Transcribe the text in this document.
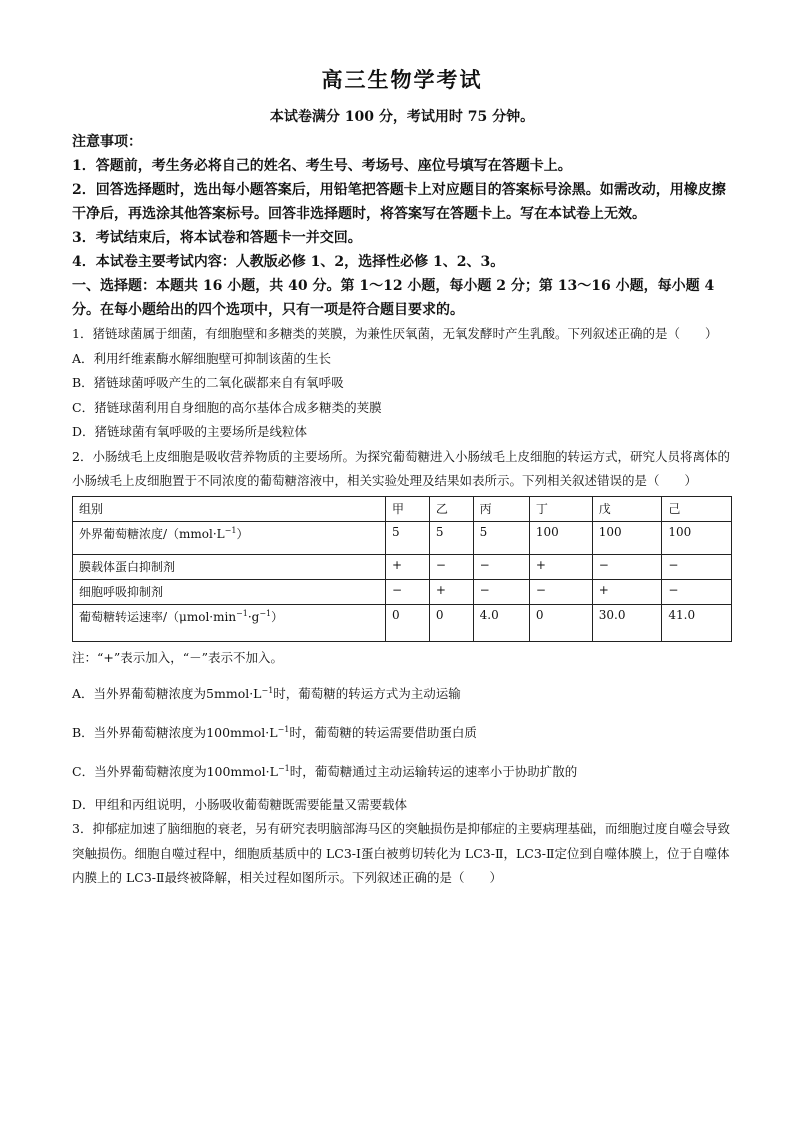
高三生物学考试
本试卷满分 100 分，考试用时 75 分钟。
注意事项：
1．答题前，考生务必将自己的姓名、考生号、考场号、座位号填写在答题卡上。
2．回答选择题时，选出每小题答案后，用铅笔把答题卡上对应题目的答案标号涂黑。如需改动，用橡皮擦干净后，再选涂其他答案标号。回答非选择题时，将答案写在答题卡上。写在本试卷上无效。
3．考试结束后，将本试卷和答题卡一并交回。
4．本试卷主要考试内容：人教版必修 1、2，选择性必修 1、2、3。
一、选择题：本题共 16 小题，共 40 分。第 1～12 小题，每小题 2 分；第 13～16 小题，每小题 4 分。在每小题给出的四个选项中，只有一项是符合题目要求的。
1．猪链球菌属于细菌，有细胞壁和多糖类的荚膜，为兼性厌氧菌，无氧发酵时产生乳酸。下列叙述正确的是（　　）
A．利用纤维素酶水解细胞壁可抑制该菌的生长
B．猪链球菌呼吸产生的二氧化碳都来自有氧呼吸
C．猪链球菌利用自身细胞的高尔基体合成多糖类的荚膜
D．猪链球菌有氧呼吸的主要场所是线粒体
2．小肠绒毛上皮细胞是吸收营养物质的主要场所。为探究葡萄糖进入小肠绒毛上皮细胞的转运方式，研究人员将离体的小肠绒毛上皮细胞置于不同浓度的葡萄糖溶液中，相关实验处理及结果如表所示。下列相关叙述错误的是（　　）
组别	甲	乙	丙	丁	戊	己
外界葡萄糖浓度$/(mmol\cdot L^{-1})$	5	5	5	100	100	100
膜载体蛋白抑制剂	+	−	−	+	−	−
细胞呼吸抑制剂	−	+	−	−	+	−
葡萄糖转运速率$/(\mu mol\cdot\min^{-1}\cdot g^{-1})$	0	0	4.0	0	30.0	41.0
注：“+”表示加入，“－”表示不加入。
A．当外界葡萄糖浓度为$5mmol\cdot L^{-1}$时，葡萄糖的转运方式为主动运输
B．当外界葡萄糖浓度为$100mmol\cdot L^{-1}$时，葡萄糖的转运需要借助蛋白质
C．当外界葡萄糖浓度为$100mmol\cdot L^{-1}$时，葡萄糖通过主动运输转运的速率小于协助扩散的
D．甲组和丙组说明，小肠吸收葡萄糖既需要能量又需要载体
3．抑郁症加速了脑细胞的衰老，另有研究表明脑部海马区的突触损伤是抑郁症的主要病理基础，而细胞过度自噬会导致突触损伤。细胞自噬过程中，细胞质基质中的 LC3-Ⅰ蛋白被剪切转化为 LC3-Ⅱ，LC3-Ⅱ定位到自噬体膜上，位于自噬体内膜上的 LC3-Ⅱ最终被降解，相关过程如图所示。下列叙述正确的是（　　）
